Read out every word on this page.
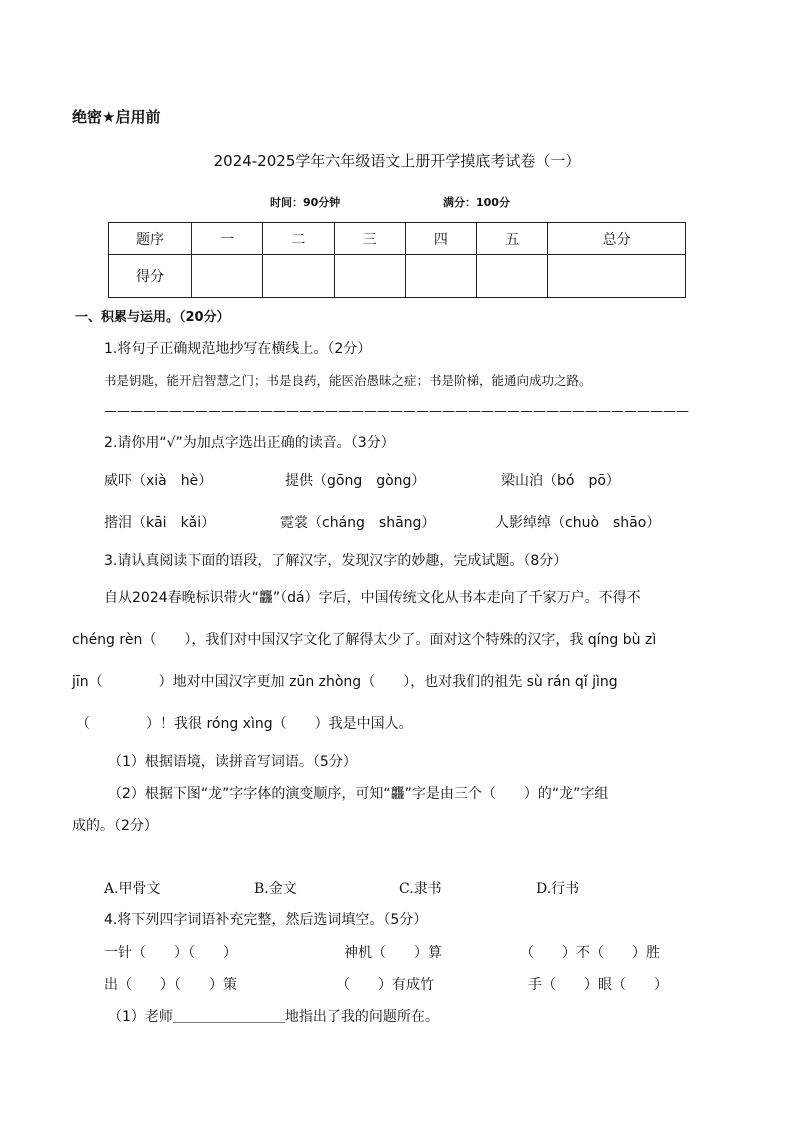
绝密★启用前
2024-2025学年六年级语文上册开学摸底考试卷（一）
时间：90分钟	满分：100分
题序	一	二	三	四	五	总分
得分						
一、积累与运用。（20分）
1.将句子正确规范地抄写在横线上。（2分）
书是钥匙，能开启智慧之门；书是良药，能医治愚昧之症；书是阶梯，能通向成功之路。
—————————————————————————————————————————————
2.请你用“√”为加点字选出正确的读音。（3分）
威吓（xià　hè）	提供（gōng　gòng）	梁山泊（bó　pō）
揩泪（kāi　kǎi）	霓裳（cháng　shāng）	人影绰绰（chuò　shāo）
3.请认真阅读下面的语段，了解汉字，发现汉字的妙趣，完成试题。（8分）
自从2024春晚标识带火“龘”（dá）字后，中国传统文化从书本走向了千家万户。不得不
chéng rèn（　　），我们对中国汉字文化了解得太少了。面对这个特殊的汉字，我 qíng bù zì
jīn（　　　　）地对中国汉字更加 zūn zhòng（　　），也对我们的祖先 sù rán qǐ jìng
（　　　　）！我很 róng xìng（　　）我是中国人。
（1）根据语境，读拼音写词语。（5分）
（2）根据下图“龙”字字体的演变顺序，可知“龘”字是由三个（　　）的“龙”字组
成的。（2分）
A.甲骨文	B.金文	C.隶书	D.行书
4.将下列四字词语补充完整，然后选词填空。（5分）
一针（　　）（　　）	神机（　　）算	（　　）不（　　）胜
出（　　）（　　）策	（　　）有成竹	手（　　）眼（　　）
（1）老师＿＿＿＿＿＿＿＿地指出了我的问题所在。
